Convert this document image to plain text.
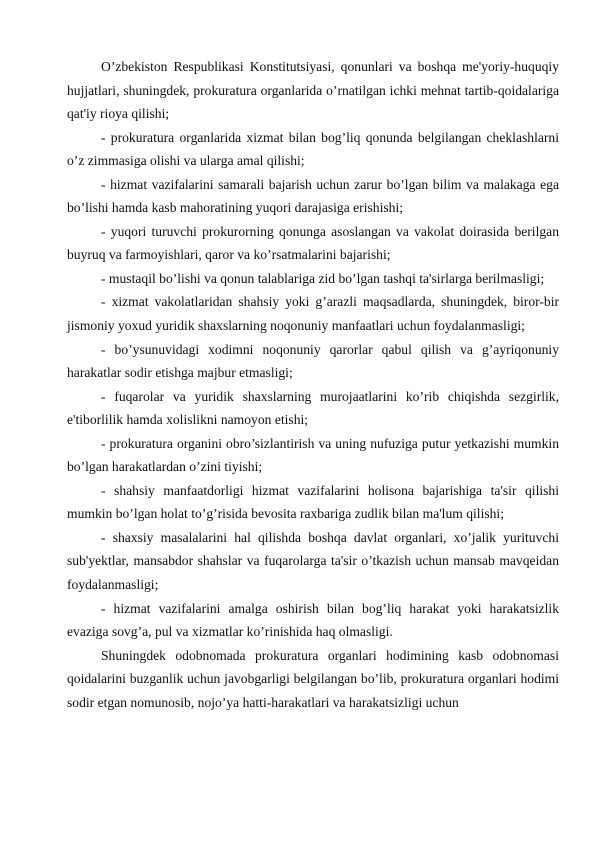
O’zbekiston Respublikasi Konstitutsiyasi, qonunlari va boshqa me'yoriy-huquqiy hujjatlari, shuningdek, prokuratura organlarida o’rnatilgan ichki mehnat tartib-qoidalariga qat'iy rioya qilishi;

- prokuratura organlarida xizmat bilan bog’liq qonunda belgilangan cheklashlarni o’z zimmasiga olishi va ularga amal qilishi;

- hizmat vazifalarini samarali bajarish uchun zarur bo’lgan bilim va malakaga ega bo’lishi hamda kasb mahoratining yuqori darajasiga erishishi;

- yuqori turuvchi prokurorning qonunga asoslangan va vakolat doirasida berilgan buyruq va farmoyishlari, qaror va ko’rsatmalarini bajarishi;

- mustaqil bo’lishi va qonun talablariga zid bo’lgan tashqi ta'sirlarga berilmasligi;

- xizmat vakolatlaridan shahsiy yoki g’arazli maqsadlarda, shuningdek, biror-bir jismoniy yoxud yuridik shaxslarning noqonuniy manfaatlari uchun foydalanmasligi;

- bo’ysunuvidagi xodimni noqonuniy qarorlar qabul qilish va g’ayriqonuniy harakatlar sodir etishga majbur etmasligi;

- fuqarolar va yuridik shaxslarning murojaatlarini ko’rib chiqishda sezgirlik, e'tiborlilik hamda xolislikni namoyon etishi;

- prokuratura organini obro’sizlantirish va uning nufuziga putur yetkazishi mumkin bo’lgan harakatlardan o’zini tiyishi;

- shahsiy manfaatdorligi hizmat vazifalarini holisona bajarishiga ta'sir qilishi mumkin bo’lgan holat to’g’risida bevosita raxbariga zudlik bilan ma'lum qilishi;

- shaxsiy masalalarini hal qilishda boshqa davlat organlari, xo’jalik yurituvchi sub'yektlar, mansabdor shahslar va fuqarolarga ta'sir o’tkazish uchun mansab mavqeidan foydalanmasligi;

- hizmat vazifalarini amalga oshirish bilan bog’liq harakat yoki harakatsizlik evaziga sovg’a, pul va xizmatlar ko’rinishida haq olmasligi.

Shuningdek odobnomada prokuratura organlari hodimining kasb odobnomasi qoidalarini buzganlik uchun javobgarligi belgilangan bo’lib, prokuratura organlari hodimi sodir etgan nomunosib, nojo’ya hatti-harakatlari va harakatsizligi uchun
